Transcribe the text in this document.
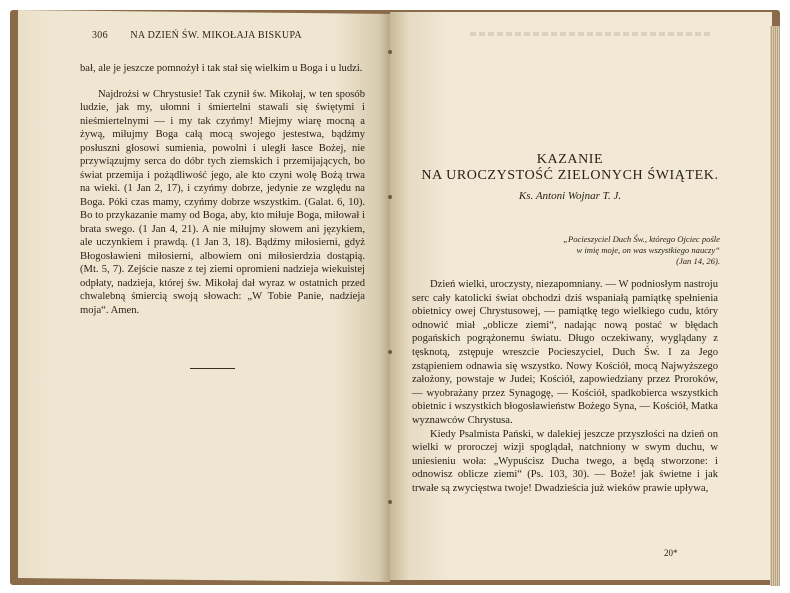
306 NA DZIEŃ ŚW. MIKOŁAJA BISKUPA

bał, ale je jeszcze pomnożył i tak stał się wielkim u Boga i u ludzi.

Najdrożsi w Chrystusie! Tak czynił św. Mikołaj, w ten sposób ludzie, jak my, ułomni i śmiertelni stawali się świętymi i nieśmiertelnymi — i my tak czyńmy! Miejmy wiarę mocną a żywą, miłujmy Boga całą mocą swojego jestestwa, bądźmy posłuszni głosowi sumienia, powolni i uległi łasce Bożej, nie przywiązujmy serca do dóbr tych ziemskich i przemijających, bo świat przemija i pożądliwość jego, ale kto czyni wolę Bożą trwa na wieki. (1 Jan 2, 17), i czyńmy dobrze, jedynie ze względu na Boga. Póki czas mamy, czyńmy dobrze wszystkim. (Galat. 6, 10). Bo to przykazanie mamy od Boga, aby, kto miłuje Boga, miłował i brata swego. (1 Jan 4, 21). A nie miłujmy słowem ani językiem, ale uczynkiem i prawdą. (1 Jan 3, 18). Bądźmy miłosierni, gdyż Błogosławieni miłosierni, albowiem oni miłosierdzia dostąpią. (Mt. 5, 7). Zejście nasze z tej ziemi opromieni nadzieja wiekuistej odpłaty, nadzieja, której św. Mikołaj dał wyraz w ostatnich przed chwalebną śmiercią swoją słowach: „W Tobie Panie, nadzieja moja“. Amen.

KAZANIE
NA UROCZYSTOŚĆ ZIELONYCH ŚWIĄTEK.
Ks. Antoni Wojnar T. J.
„Pocieszyciel Duch Św., którego Ojciec pośle w imię moje, on was wszystkiego nauczy“ (Jan 14, 26).

Dzień wielki, uroczysty, niezapomniany. — W podniosłym nastroju serc cały katolicki świat obchodzi dziś wspaniałą pamiątkę spełnienia obietnicy owej Chrystusowej, — pamiątkę tego wielkiego cudu, który odnowić miał „oblicze ziemi“, nadając nową postać w błędach pogańskich pogrążonemu światu. Długo oczekiwany, wyglądany z tęsknotą, zstępuje wreszcie Pocieszyciel, Duch Św. I za Jego zstąpieniem odnawia się wszystko. Nowy Kościół, mocą Najwyższego założony, powstaje w Judei; Kościół, zapowiedziany przez Proroków, — wyobrażany przez Synagogę, — Kościół, spadkobierca wszystkich obietnic i wszystkich błogosławieństw Bożego Syna, — Kościół, Matka wyznawców Chrystusa.

Kiedy Psalmista Pański, w dalekiej jeszcze przyszłości na dzień on wielki w proroczej wizji spoglądał, natchniony w swym duchu, w uniesieniu woła: „Wypuścisz Ducha twego, a będą stworzone: i odnowisz oblicze ziemi“ (Ps. 103, 30). — Boże! jak świetne i jak trwałe są zwycięstwa twoje! Dwadzieścia już wieków prawie upływa,

20*
